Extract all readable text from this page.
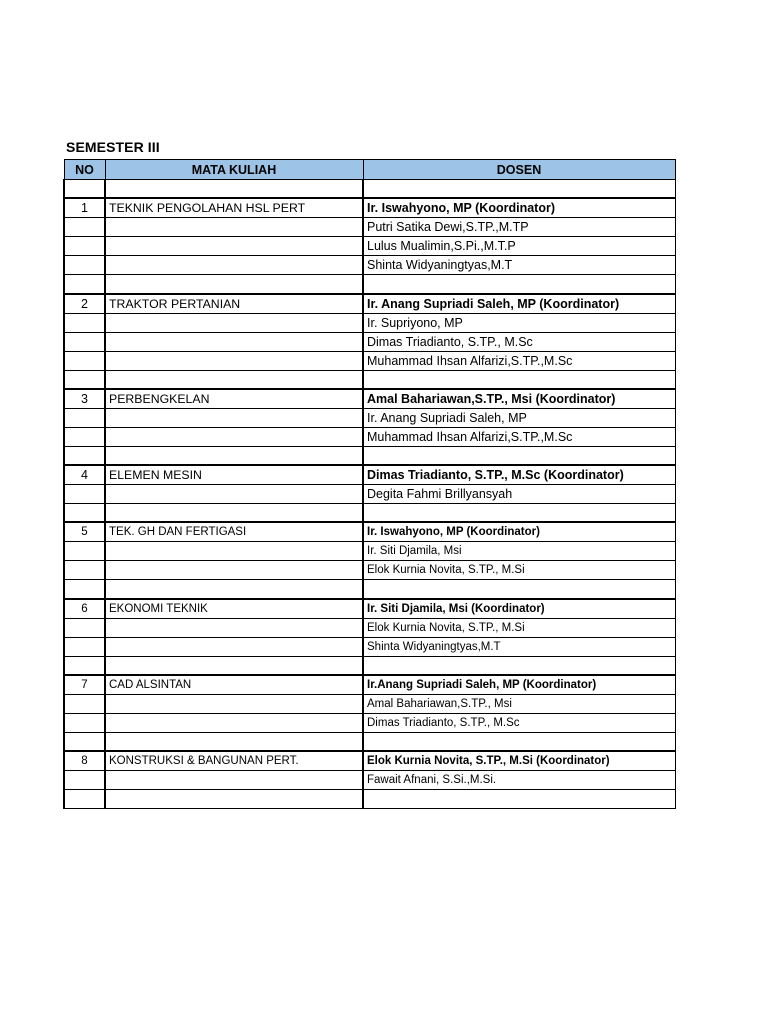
SEMESTER III
NO	MATA KULIAH	DOSEN

1	TEKNIK PENGOLAHAN HSL PERT	Ir. Iswahyono, MP (Koordinator)
		Putri Satika Dewi,S.TP.,M.TP
		Lulus Mualimin,S.Pi.,M.T.P
		Shinta Widyaningtyas,M.T

2	TRAKTOR PERTANIAN	Ir. Anang Supriadi Saleh, MP (Koordinator)
		Ir. Supriyono, MP
		Dimas Triadianto, S.TP., M.Sc
		Muhammad Ihsan Alfarizi,S.TP.,M.Sc

3	PERBENGKELAN	Amal Bahariawan,S.TP., Msi (Koordinator)
		Ir. Anang Supriadi Saleh, MP
		Muhammad Ihsan Alfarizi,S.TP.,M.Sc

4	ELEMEN MESIN	Dimas Triadianto, S.TP., M.Sc (Koordinator)
		Degita Fahmi Brillyansyah

5	TEK. GH DAN FERTIGASI	Ir. Iswahyono, MP (Koordinator)
		Ir. Siti Djamila, Msi
		Elok Kurnia Novita, S.TP., M.Si

6	EKONOMI TEKNIK	Ir. Siti Djamila, Msi (Koordinator)
		Elok Kurnia Novita, S.TP., M.Si
		Shinta Widyaningtyas,M.T

7	CAD ALSINTAN	Ir.Anang Supriadi Saleh, MP (Koordinator)
		Amal Bahariawan,S.TP., Msi
		Dimas Triadianto, S.TP., M.Sc

8	KONSTRUKSI & BANGUNAN PERT.	Elok Kurnia Novita, S.TP., M.Si (Koordinator)
		Fawait Afnani, S.Si.,M.Si.
